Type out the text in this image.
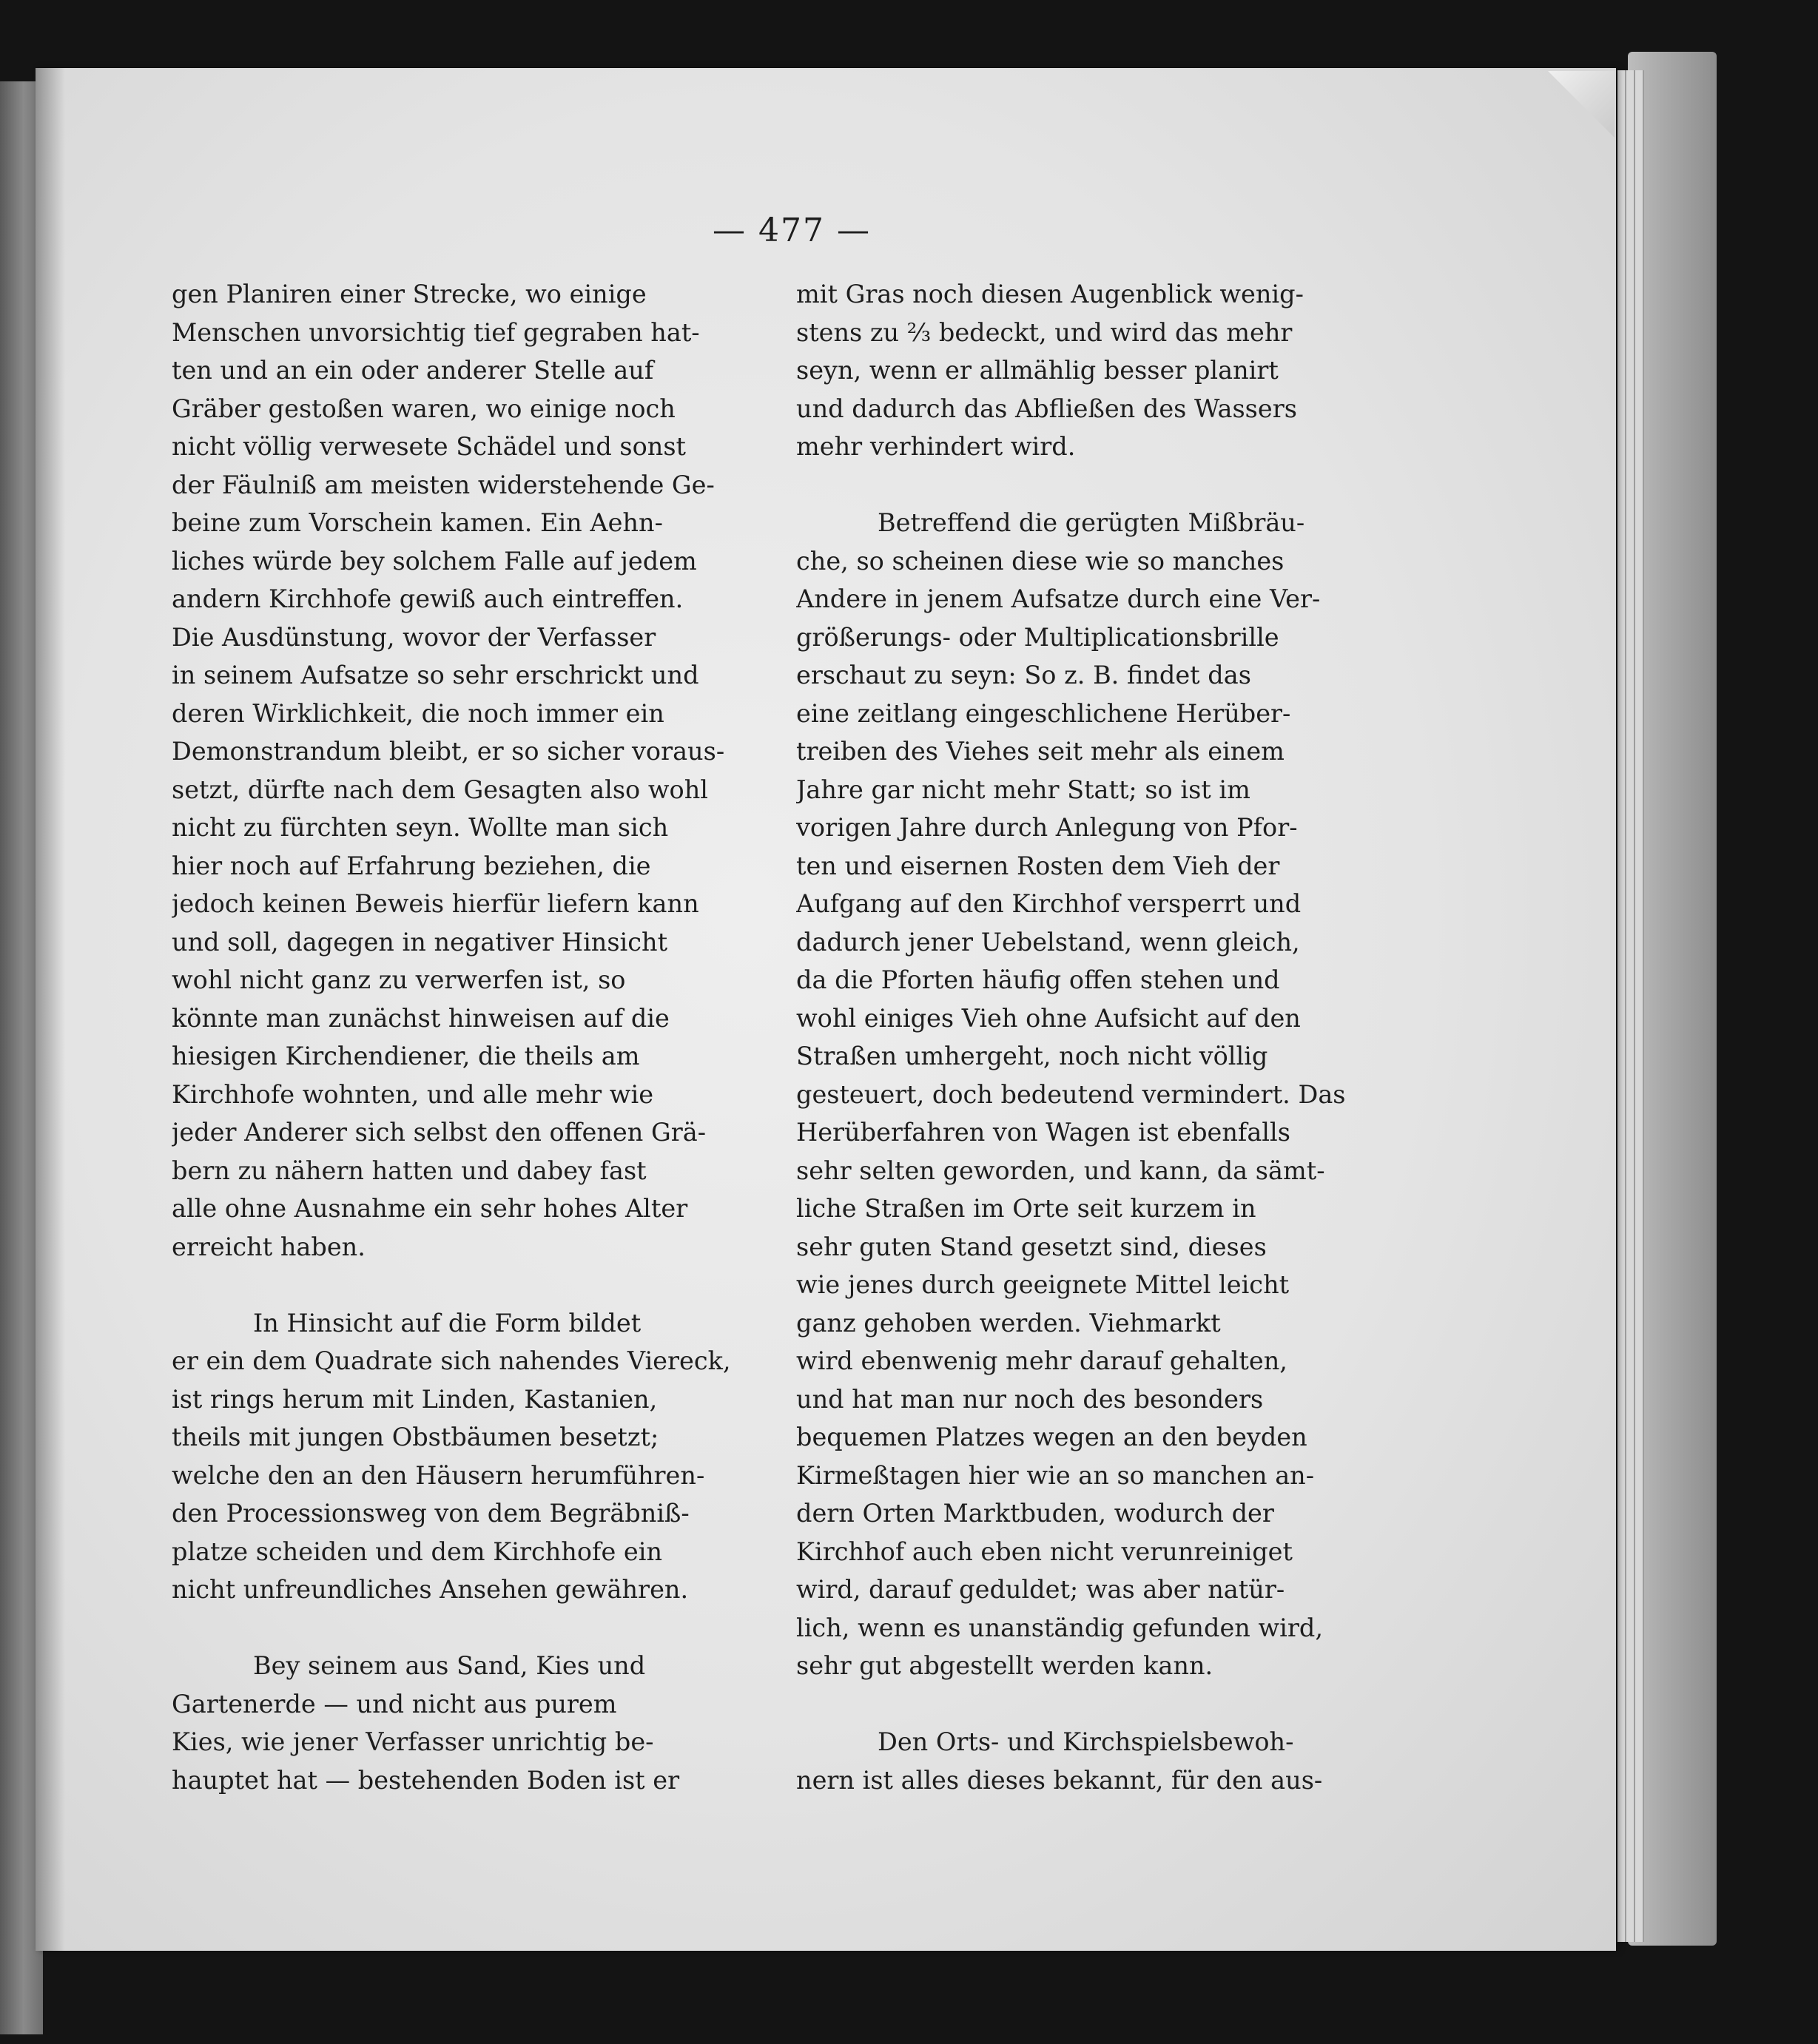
— 477 —
gen Planiren einer Strecke, wo einige
Menschen unvorsichtig tief gegraben hat-
ten und an ein oder anderer Stelle auf
Gräber gestoßen waren, wo einige noch
nicht völlig verwesete Schädel und sonst
der Fäulniß am meisten widerstehende Ge-
beine zum Vorschein kamen. Ein Aehn-
liches würde bey solchem Falle auf jedem
andern Kirchhofe gewiß auch eintreffen.
Die Ausdünstung, wovor der Verfasser
in seinem Aufsatze so sehr erschrickt und
deren Wirklichkeit, die noch immer ein
Demonstrandum bleibt, er so sicher voraus-
setzt, dürfte nach dem Gesagten also wohl
nicht zu fürchten seyn. Wollte man sich
hier noch auf Erfahrung beziehen, die
jedoch keinen Beweis hierfür liefern kann
und soll, dagegen in negativer Hinsicht
wohl nicht ganz zu verwerfen ist, so
könnte man zunächst hinweisen auf die
hiesigen Kirchendiener, die theils am
Kirchhofe wohnten, und alle mehr wie
jeder Anderer sich selbst den offenen Grä-
bern zu nähern hatten und dabey fast
alle ohne Ausnahme ein sehr hohes Alter
erreicht haben.
In Hinsicht auf die Form bildet
er ein dem Quadrate sich nahendes Viereck,
ist rings herum mit Linden, Kastanien,
theils mit jungen Obstbäumen besetzt;
welche den an den Häusern herumführen-
den Processionsweg von dem Begräbniß-
platze scheiden und dem Kirchhofe ein
nicht unfreundliches Ansehen gewähren.
Bey seinem aus Sand, Kies und
Gartenerde — und nicht aus purem
Kies, wie jener Verfasser unrichtig be-
hauptet hat — bestehenden Boden ist er
mit Gras noch diesen Augenblick wenig-
stens zu ⅔ bedeckt, und wird das mehr
seyn, wenn er allmählig besser planirt
und dadurch das Abfließen des Wassers
mehr verhindert wird.
Betreffend die gerügten Mißbräu-
che, so scheinen diese wie so manches
Andere in jenem Aufsatze durch eine Ver-
größerungs- oder Multiplicationsbrille
erschaut zu seyn: So z. B. findet das
eine zeitlang eingeschlichene Herüber-
treiben des Viehes seit mehr als einem
Jahre gar nicht mehr Statt; so ist im
vorigen Jahre durch Anlegung von Pfor-
ten und eisernen Rosten dem Vieh der
Aufgang auf den Kirchhof versperrt und
dadurch jener Uebelstand, wenn gleich,
da die Pforten häufig offen stehen und
wohl einiges Vieh ohne Aufsicht auf den
Straßen umhergeht, noch nicht völlig
gesteuert, doch bedeutend vermindert. Das
Herüberfahren von Wagen ist ebenfalls
sehr selten geworden, und kann, da sämt-
liche Straßen im Orte seit kurzem in
sehr guten Stand gesetzt sind, dieses
wie jenes durch geeignete Mittel leicht
ganz gehoben werden. Viehmarkt
wird ebenwenig mehr darauf gehalten,
und hat man nur noch des besonders
bequemen Platzes wegen an den beyden
Kirmeßtagen hier wie an so manchen an-
dern Orten Marktbuden, wodurch der
Kirchhof auch eben nicht verunreiniget
wird, darauf geduldet; was aber natür-
lich, wenn es unanständig gefunden wird,
sehr gut abgestellt werden kann.
Den Orts- und Kirchspielsbewoh-
nern ist alles dieses bekannt, für den aus-
